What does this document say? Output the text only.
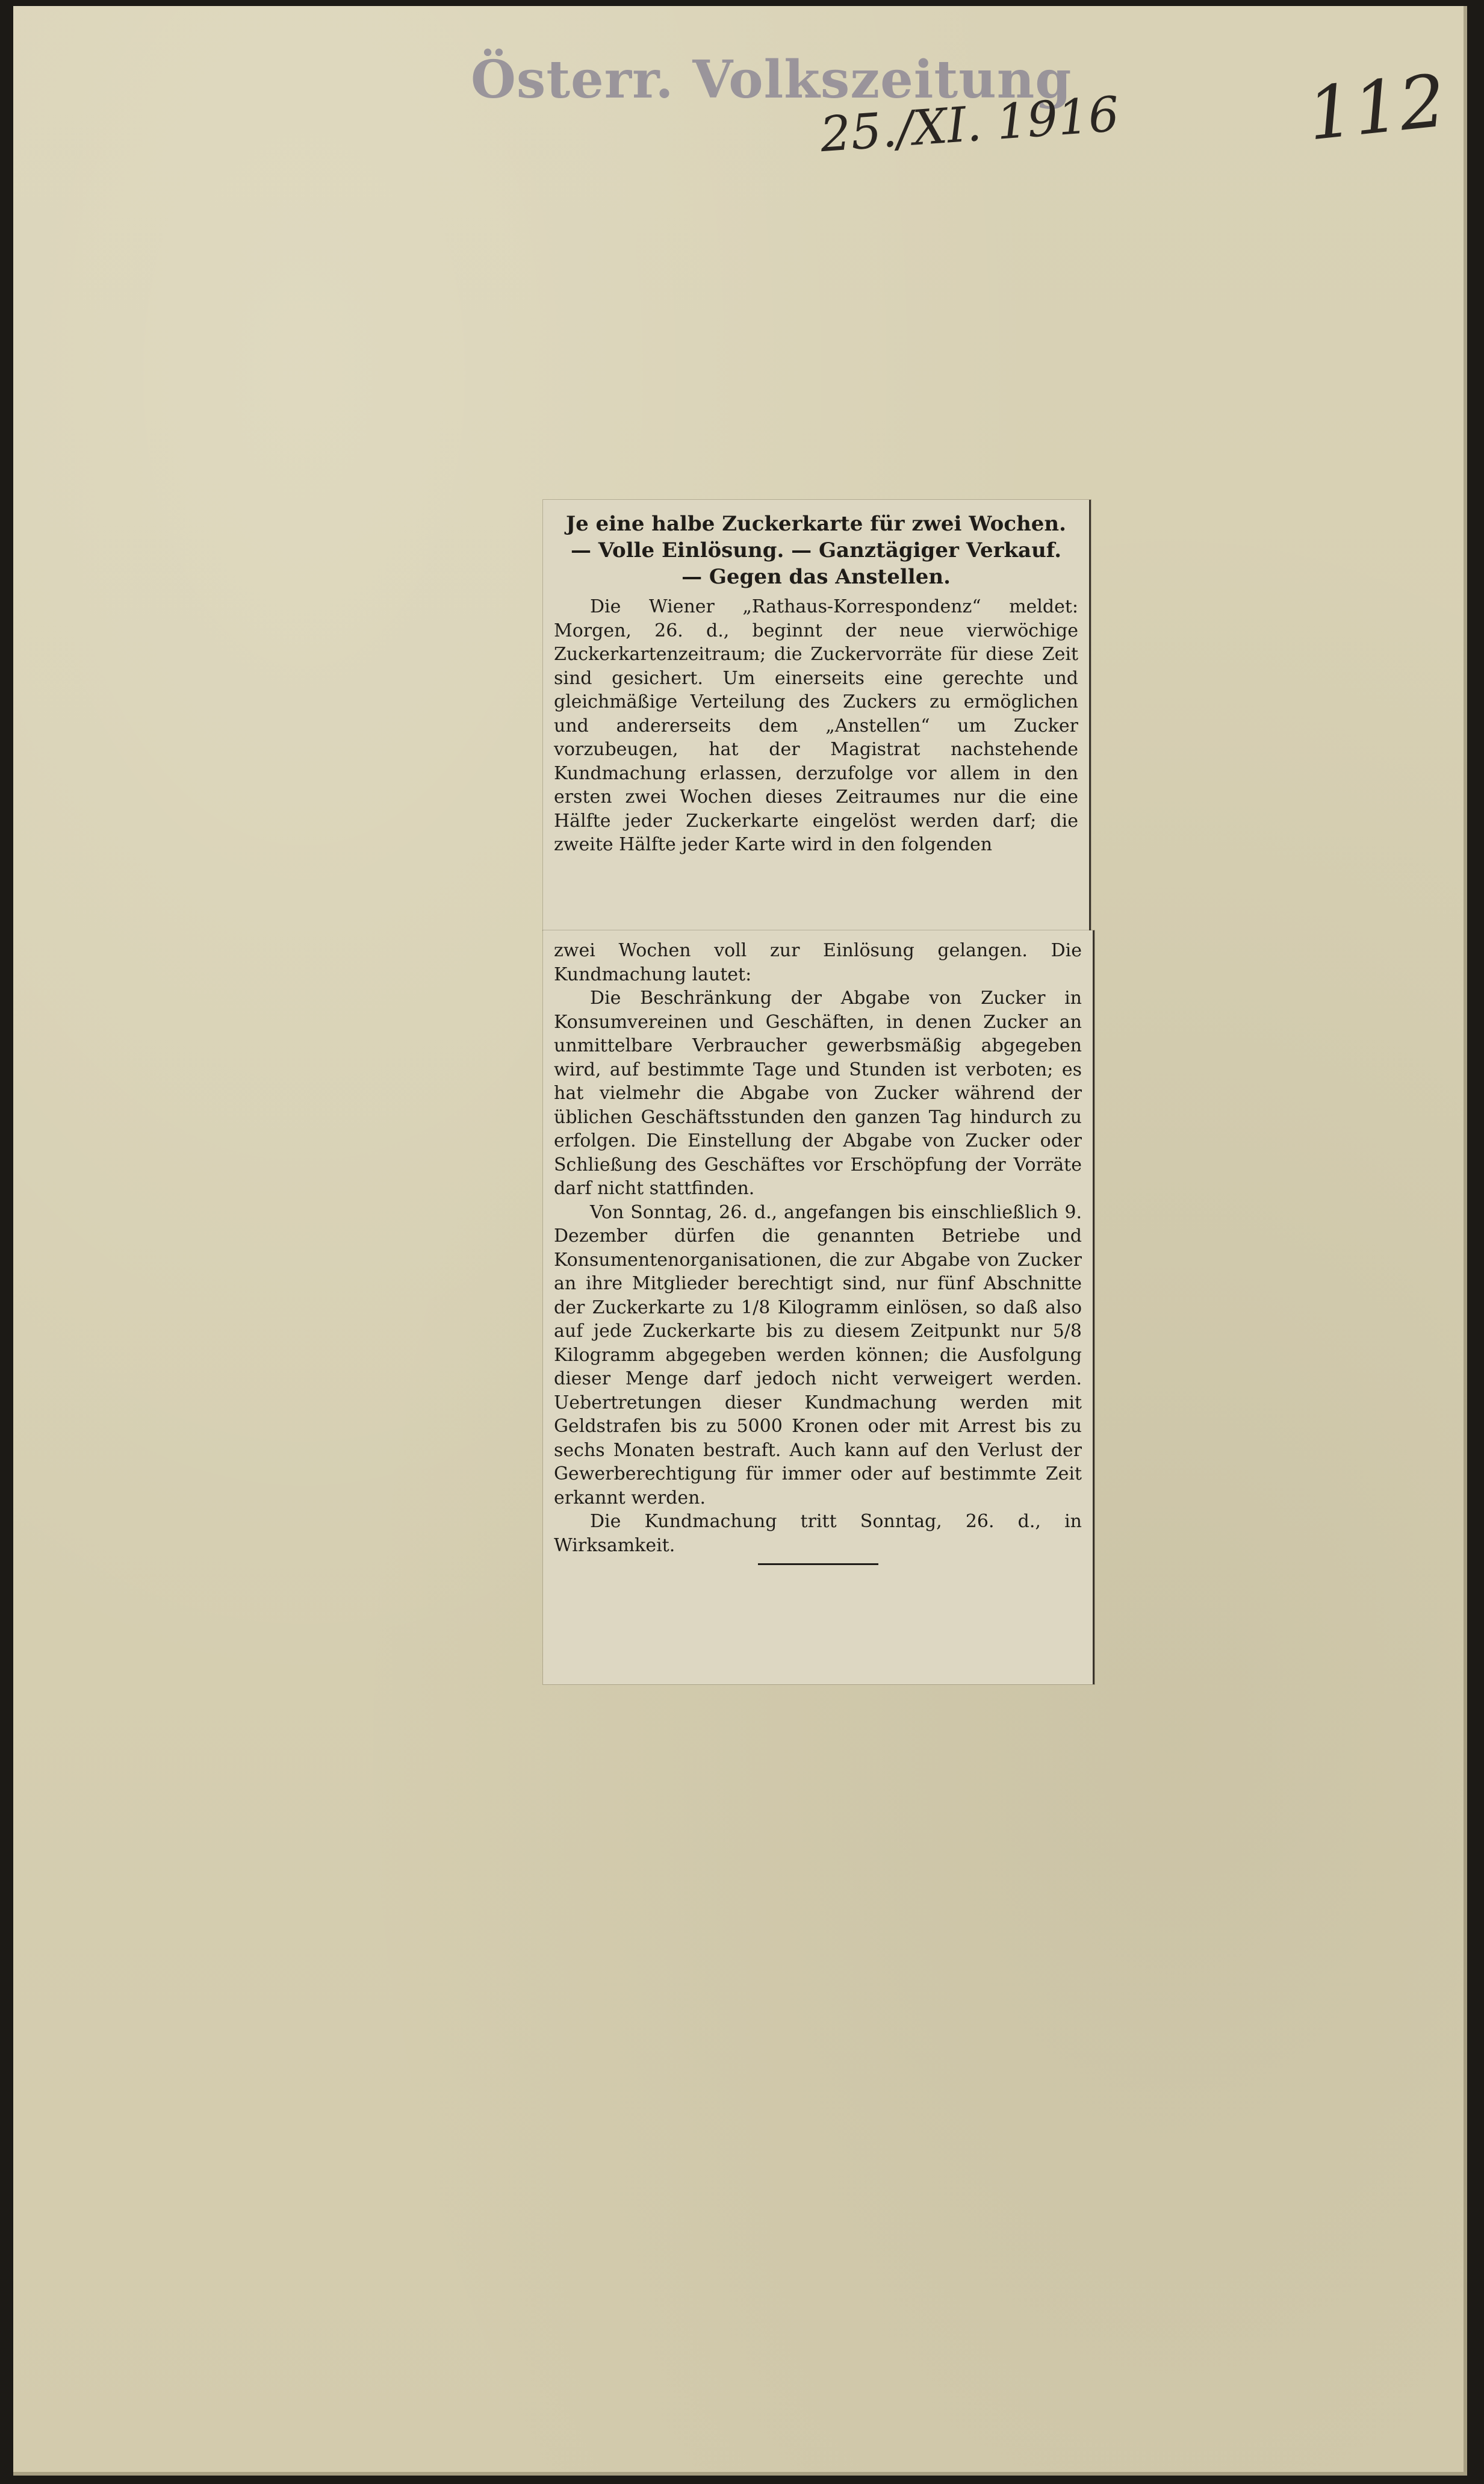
Österr. Volkszeitung
25./XI. 1916	112
Je eine halbe Zuckerkarte für zwei Wochen.
— Volle Einlösung. — Ganztägiger Verkauf.
— Gegen das Anstellen.

Die Wiener „Rathaus-Korrespondenz“ meldet: Morgen, 26. d., beginnt der neue vierwöchige Zuckerkartenzeitraum; die Zuckervorräte für diese Zeit sind gesichert. Um einerseits eine gerechte und gleichmäßige Verteilung des Zuckers zu ermöglichen und andererseits dem „Anstellen“ um Zucker vorzubeugen, hat der Magistrat nachstehende Kundmachung erlassen, derzufolge vor allem in den ersten zwei Wochen dieses Zeitraumes nur die eine Hälfte jeder Zuckerkarte eingelöst werden darf; die zweite Hälfte jeder Karte wird in den folgenden

zwei Wochen voll zur Einlösung gelangen. Die Kundmachung lautet:

Die Beschränkung der Abgabe von Zucker in Konsumvereinen und Geschäften, in denen Zucker an unmittelbare Verbraucher gewerbsmäßig abgegeben wird, auf bestimmte Tage und Stunden ist verboten; es hat vielmehr die Abgabe von Zucker während der üblichen Geschäftsstunden den ganzen Tag hindurch zu erfolgen. Die Einstellung der Abgabe von Zucker oder Schließung des Geschäftes vor Erschöpfung der Vorräte darf nicht stattfinden.

Von Sonntag, 26. d., angefangen bis einschließlich 9. Dezember dürfen die genannten Betriebe und Konsumentenorganisationen, die zur Abgabe von Zucker an ihre Mitglieder berechtigt sind, nur fünf Abschnitte der Zuckerkarte zu 1/8 Kilogramm einlösen, so daß also auf jede Zuckerkarte bis zu diesem Zeitpunkt nur 5/8 Kilogramm abgegeben werden können; die Ausfolgung dieser Menge darf jedoch nicht verweigert werden. Uebertretungen dieser Kundmachung werden mit Geldstrafen bis zu 5000 Kronen oder mit Arrest bis zu sechs Monaten bestraft. Auch kann auf den Verlust der Gewerberechtigung für immer oder auf bestimmte Zeit erkannt werden.

Die Kundmachung tritt Sonntag, 26. d., in Wirksamkeit.
